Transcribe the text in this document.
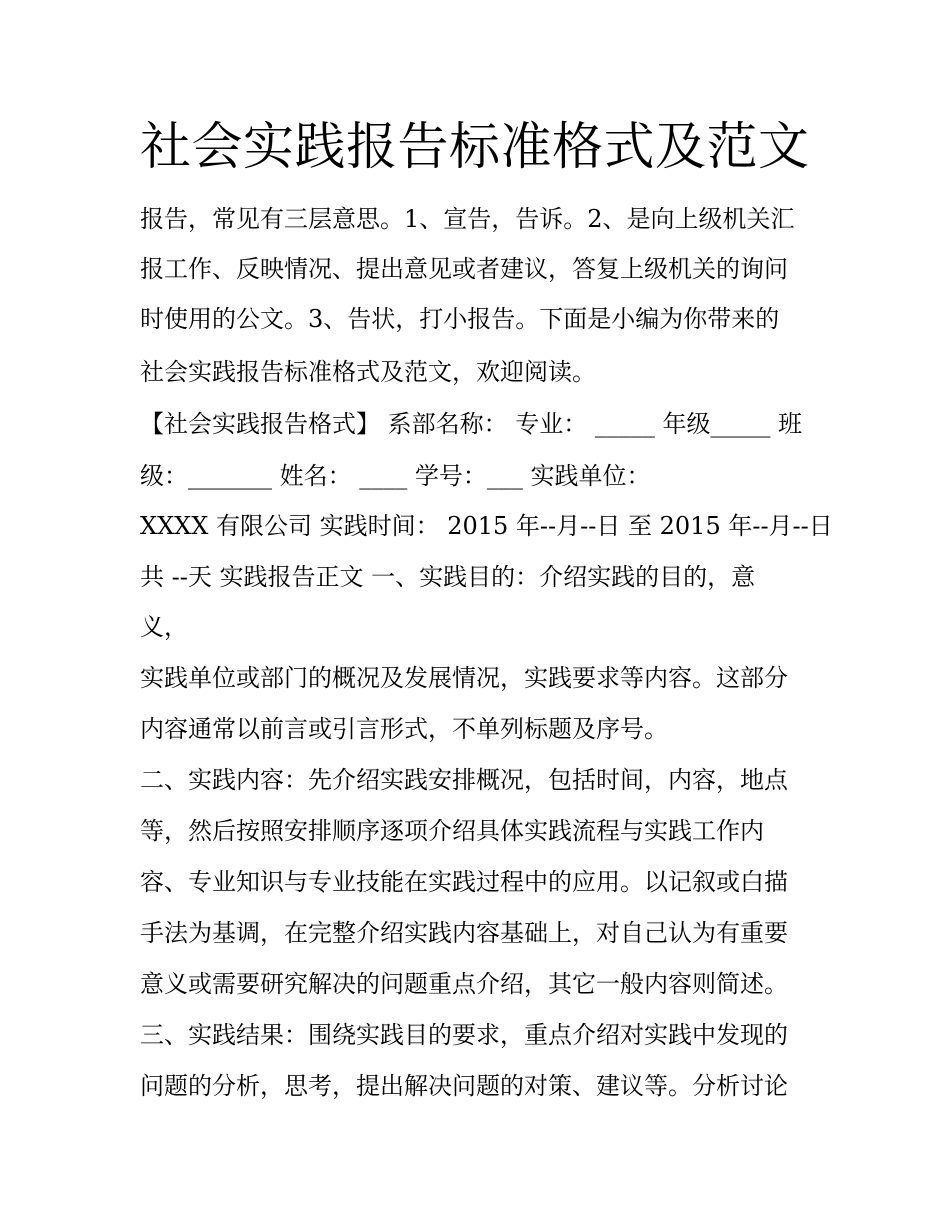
社会实践报告标准格式及范文

报告，常见有三层意思。1、宣告，告诉。2、是向上级机关汇

报工作、反映情况、提出意见或者建议，答复上级机关的询问

时使用的公文。3、告状，打小报告。下面是小编为你带来的

社会实践报告标准格式及范文，欢迎阅读。

【社会实践报告格式】 系部名称： 专业： _____ 年级_____ 班

级：_______ 姓名： ____ 学号：___ 实践单位：

XXXX 有限公司 实践时间： 2015 年--月--日 至 2015 年--月--日

共 --天 实践报告正文 一、实践目的：介绍实践的目的，意

义，

实践单位或部门的概况及发展情况，实践要求等内容。这部分

内容通常以前言或引言形式，不单列标题及序号。

二、实践内容：先介绍实践安排概况，包括时间，内容，地点

等，然后按照安排顺序逐项介绍具体实践流程与实践工作内

容、专业知识与专业技能在实践过程中的应用。以记叙或白描

手法为基调，在完整介绍实践内容基础上，对自己认为有重要

意义或需要研究解决的问题重点介绍，其它一般内容则简述。

三、实践结果：围绕实践目的要求，重点介绍对实践中发现的

问题的分析，思考，提出解决问题的对策、建议等。分析讨论
